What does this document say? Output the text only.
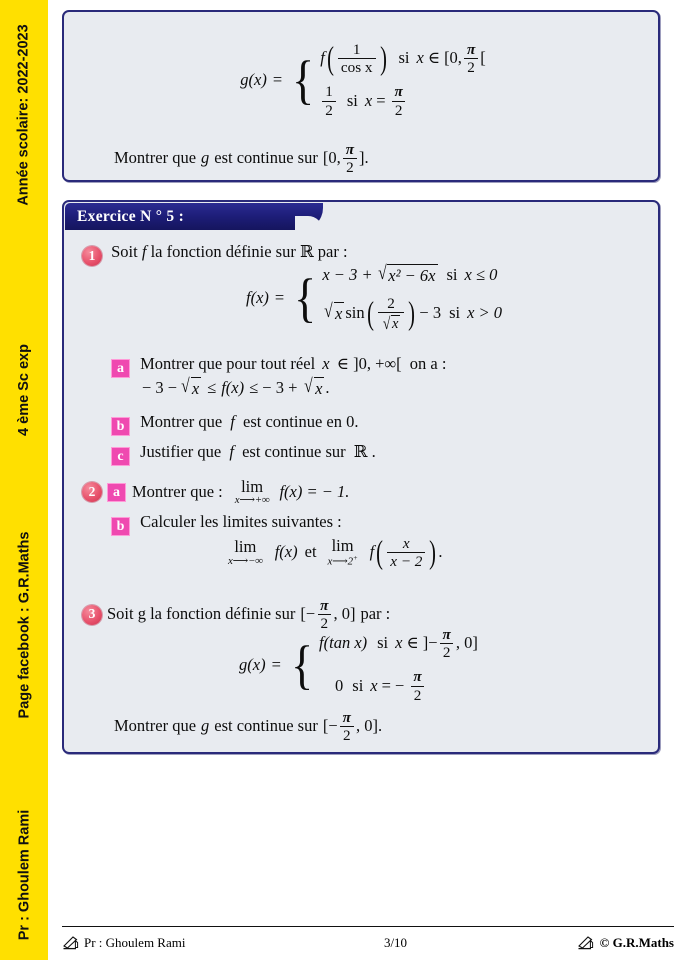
Année scolaire: 2022-2023
4 ème Sc exp
Page facebook : G.R.Maths
Pr : Ghoulem Rami
g(x) = { f ( $\frac{1}{\text{cos x}}$ ) si x ∈ [0, $\frac{\pi}{2}$ [
$\frac{1}{2}$ si $x = \frac{\pi}{2}$
Montrer que g est continue sur [0, $\frac{\pi}{2}$ ].
Exercice N ° 5 :
1 Soit f la fonction définie sur ℝ par :
f(x) = { x − 3 + √ x² − 6x si x ≤ 0
√ x sin ( $\frac{2}{√ x}$ ) − 3 si x > 0
a Montrer que pour tout réel x ∈ ]0, +∞[ on a :
− 3 − √ x ≤ f(x) ≤ − 3 + √ x .
b Montrer que f est continue en 0.
c Justifier que f est continue sur ℝ .
2	a Montrer que : lim
x⟶+∞ f(x) = − 1.
b Calculer les limites suivantes :
lim
x⟶−∞ f(x) et lim
x⟶2+ f ( $\frac{x}{x - 2}$ ) .
3 Soit g la fonction définie sur [− $\frac{\pi}{2}$ , 0] par :
g(x) = { f(tan x) si x ∈ ]− $\frac{\pi}{2}$ , 0]
0 si x = − $\frac{\pi}{2}$
Montrer que g est continue sur [− $\frac{\pi}{2}$ , 0].
Pr : Ghoulem Rami	3/10	© G.R.Maths
